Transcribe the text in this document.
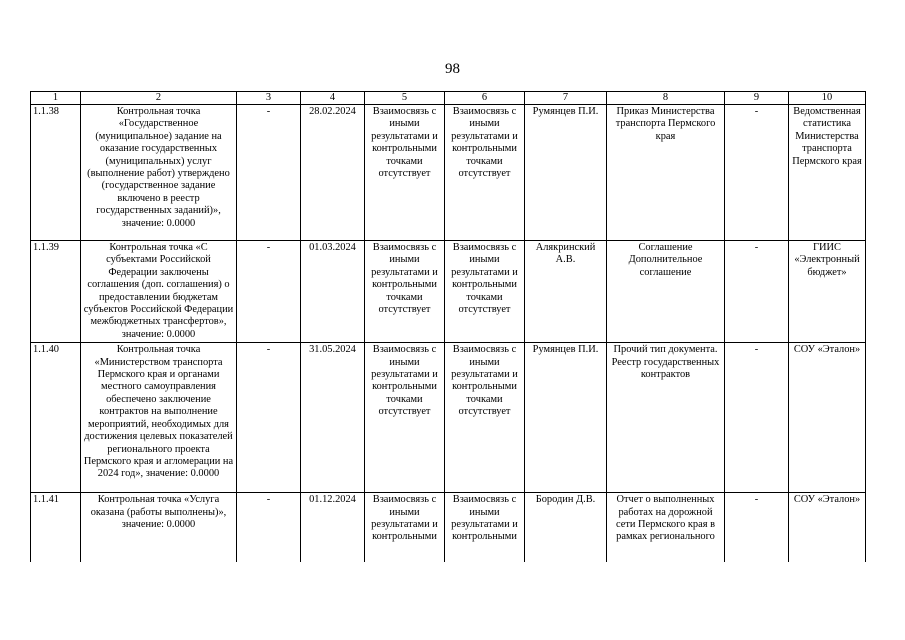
98
1	2	3	4	5	6	7	8	9	10
1.1.38	Контрольная точка «Государственное (муниципальное) задание на оказание государственных (муниципальных) услуг (выполнение работ) утверждено (государственное задание включено в реестр государственных заданий)», значение: 0.0000	-	28.02.2024	Взаимосвязь с иными результатами и контрольными точками отсутствует	Взаимосвязь с иными результатами и контрольными точками отсутствует	Румянцев П.И.	Приказ Министерства транспорта Пермского края	-	Ведомственная статистика Министерства транспорта Пермского края
1.1.39	Контрольная точка «С субъектами Российской Федерации заключены соглашения (доп. соглашения) о предоставлении бюджетам субъектов Российской Федерации межбюджетных трансфертов», значение: 0.0000	-	01.03.2024	Взаимосвязь с иными результатами и контрольными точками отсутствует	Взаимосвязь с иными результатами и контрольными точками отсутствует	Алякринский А.В.	Соглашение Дополнительное соглашение	-	ГИИС «Электронный бюджет»
1.1.40	Контрольная точка «Министерством транспорта Пермского края и органами местного самоуправления обеспечено заключение контрактов на выполнение мероприятий, необходимых для достижения целевых показателей регионального проекта Пермского края и агломерации на 2024 год», значение: 0.0000	-	31.05.2024	Взаимосвязь с иными результатами и контрольными точками отсутствует	Взаимосвязь с иными результатами и контрольными точками отсутствует	Румянцев П.И.	Прочий тип документа. Реестр государственных контрактов	-	СОУ «Эталон»
1.1.41	Контрольная точка «Услуга оказана (работы выполнены)», значение: 0.0000	-	01.12.2024	Взаимосвязь с иными результатами и контрольными	Взаимосвязь с иными результатами и контрольными	Бородин Д.В.	Отчет о выполненных работах на дорожной сети Пермского края в рамках регионального	-	СОУ «Эталон»
